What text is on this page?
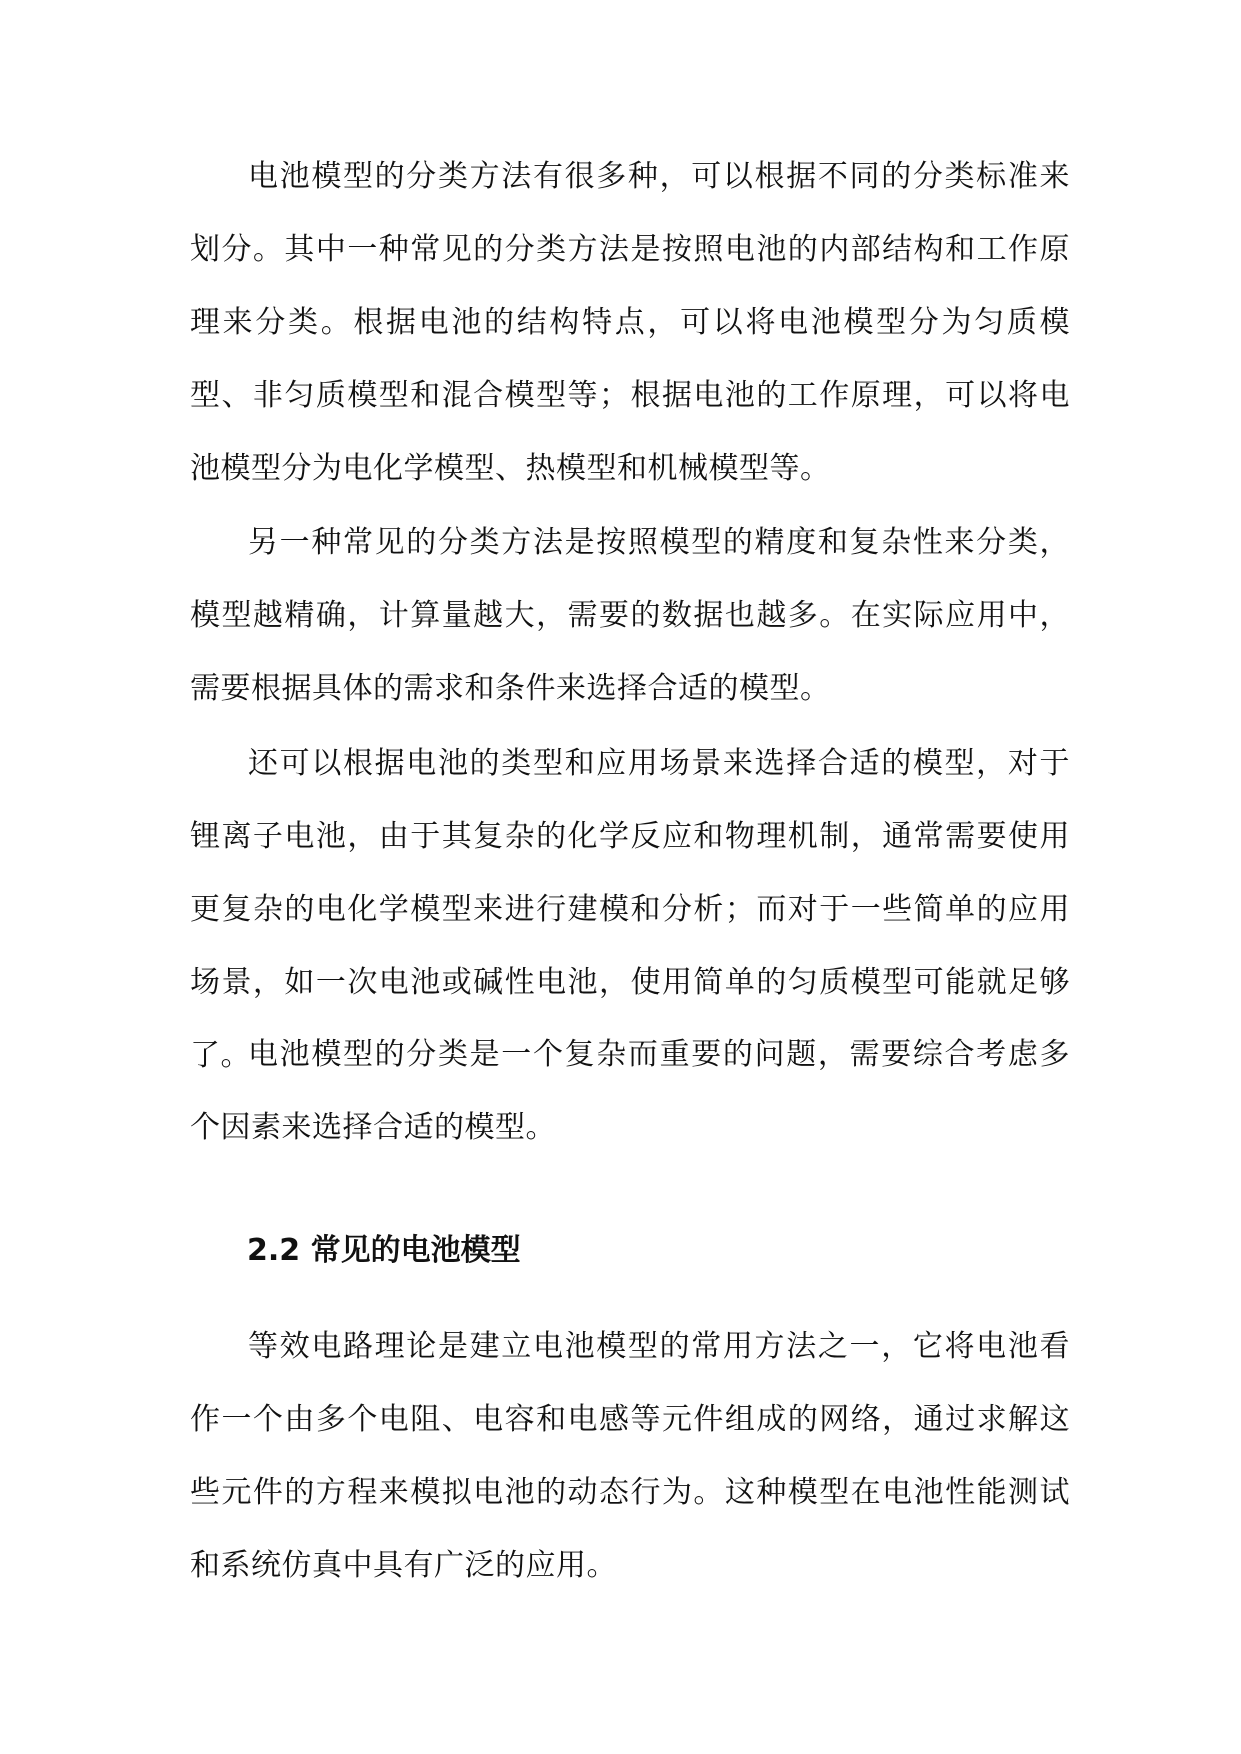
电池模型的分类方法有很多种，可以根据不同的分类标准来划分。其中一种常见的分类方法是按照电池的内部结构和工作原理来分类。根据电池的结构特点，可以将电池模型分为匀质模型、非匀质模型和混合模型等；根据电池的工作原理，可以将电池模型分为电化学模型、热模型和机械模型等。

另一种常见的分类方法是按照模型的精度和复杂性来分类，模型越精确，计算量越大，需要的数据也越多。在实际应用中，需要根据具体的需求和条件来选择合适的模型。

还可以根据电池的类型和应用场景来选择合适的模型，对于锂离子电池，由于其复杂的化学反应和物理机制，通常需要使用更复杂的电化学模型来进行建模和分析；而对于一些简单的应用场景，如一次电池或碱性电池，使用简单的匀质模型可能就足够了。

电池模型的分类是一个复杂而重要的问题，需要综合考虑多个因素来选择合适的模型。

2.2 常见的电池模型

等效电路理论是建立电池模型的常用方法之一，它将电池看作一个由多个电阻、电容和电感等元件组成的网络，通过求解这些元件的方程来模拟电池的动态行为。这种模型在电池性能测试和系统仿真中具有广泛的应用。
